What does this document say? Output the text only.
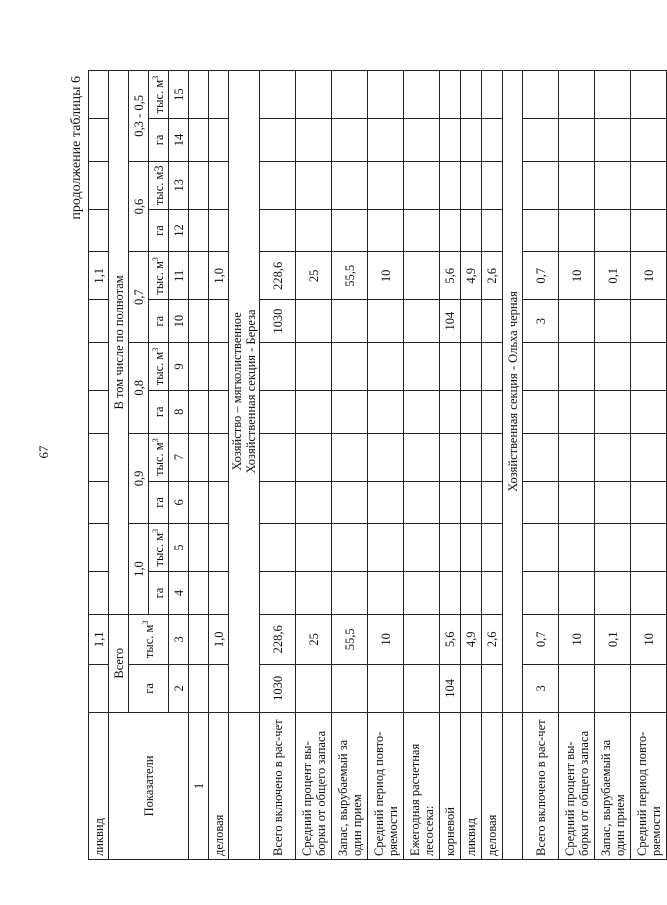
67
продолжение таблицы 6
ликвид		1,1								1,1				
Показатели	Всего		В том числе по полнотам											
	га	тыс. $м^3$	1,0		0,9		0,8		0,7		0,6		0,3 - 0,5	
			га	тыс. $м^3$	га	тыс. $м^3$	га	тыс. $м^3$	га	тыс. $м^3$	га	тыс. м3	га	тыс. $м^3$
	2	3	4	5	6	7	8	9	10	11	12	13	14	15
1														
деловая		1,0								1,0				
	Хозяйство – мягколиственное
Хозяйственная секция - Береза													
Всего включено в рас-чет	1030	228,6							1030	228,6				
Средний процент вы-борки от общего запаса		25								25				
Запас, вырубаемый за один прием		55,5								55,5				
Средний период повто-ряемости		10								10				
Ежегодная расчетная лесосека:														
корневой	104	5,6							104	5,6				
ликвид		4,9								4,9				
деловая		2,6								2,6				
	Хозяйственная секция - Ольха черная													
Всего включено в рас-чет	3	0,7							3	0,7				
Средний процент вы-борки от общего запаса		10								10				
Запас, вырубаемый за один прием		0,1								0,1				
Средний период повто-ряемости		10								10				
